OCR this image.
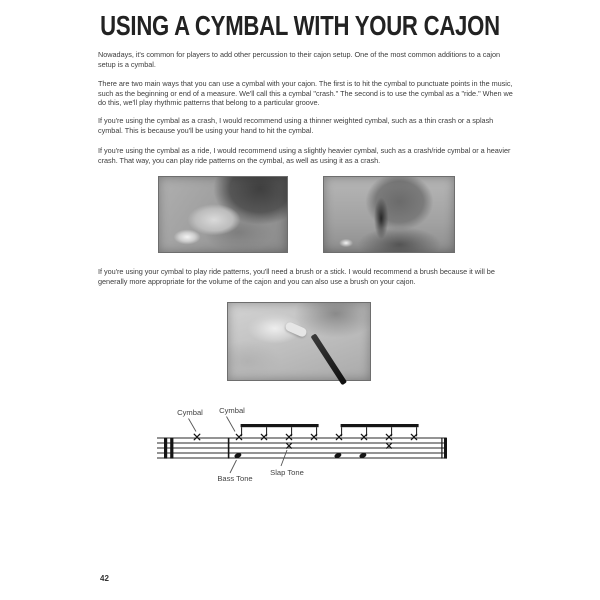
USING A CYMBAL WITH YOUR CAJON
Nowadays, it's common for players to add other percussion to their cajon setup. One of the most common additions to a cajon setup is a cymbal.
There are two main ways that you can use a cymbal with your cajon. The first is to hit the cymbal to punctuate points in the music, such as the beginning or end of a measure. We'll call this a cymbal "crash." The second is to use the cymbal as a "ride." When we do this, we'll play rhythmic patterns that belong to a particular groove.
If you're using the cymbal as a crash, I would recommend using a thinner weighted cymbal, such as a thin crash or a splash cymbal. This is because you'll be using your hand to hit the cymbal.
If you're using the cymbal as a ride, I would recommend using a slightly heavier cymbal, such as a crash/ride cymbal or a heavier crash. That way, you can play ride patterns on the cymbal, as well as using it as a crash.
If you're using your cymbal to play ride patterns, you'll need a brush or a stick. I would recommend a brush because it will be generally more appropriate for the volume of the cajon and you can also use a brush on your cajon.
Cymbal Cymbal
Bass Tone
Slap Tone
42
